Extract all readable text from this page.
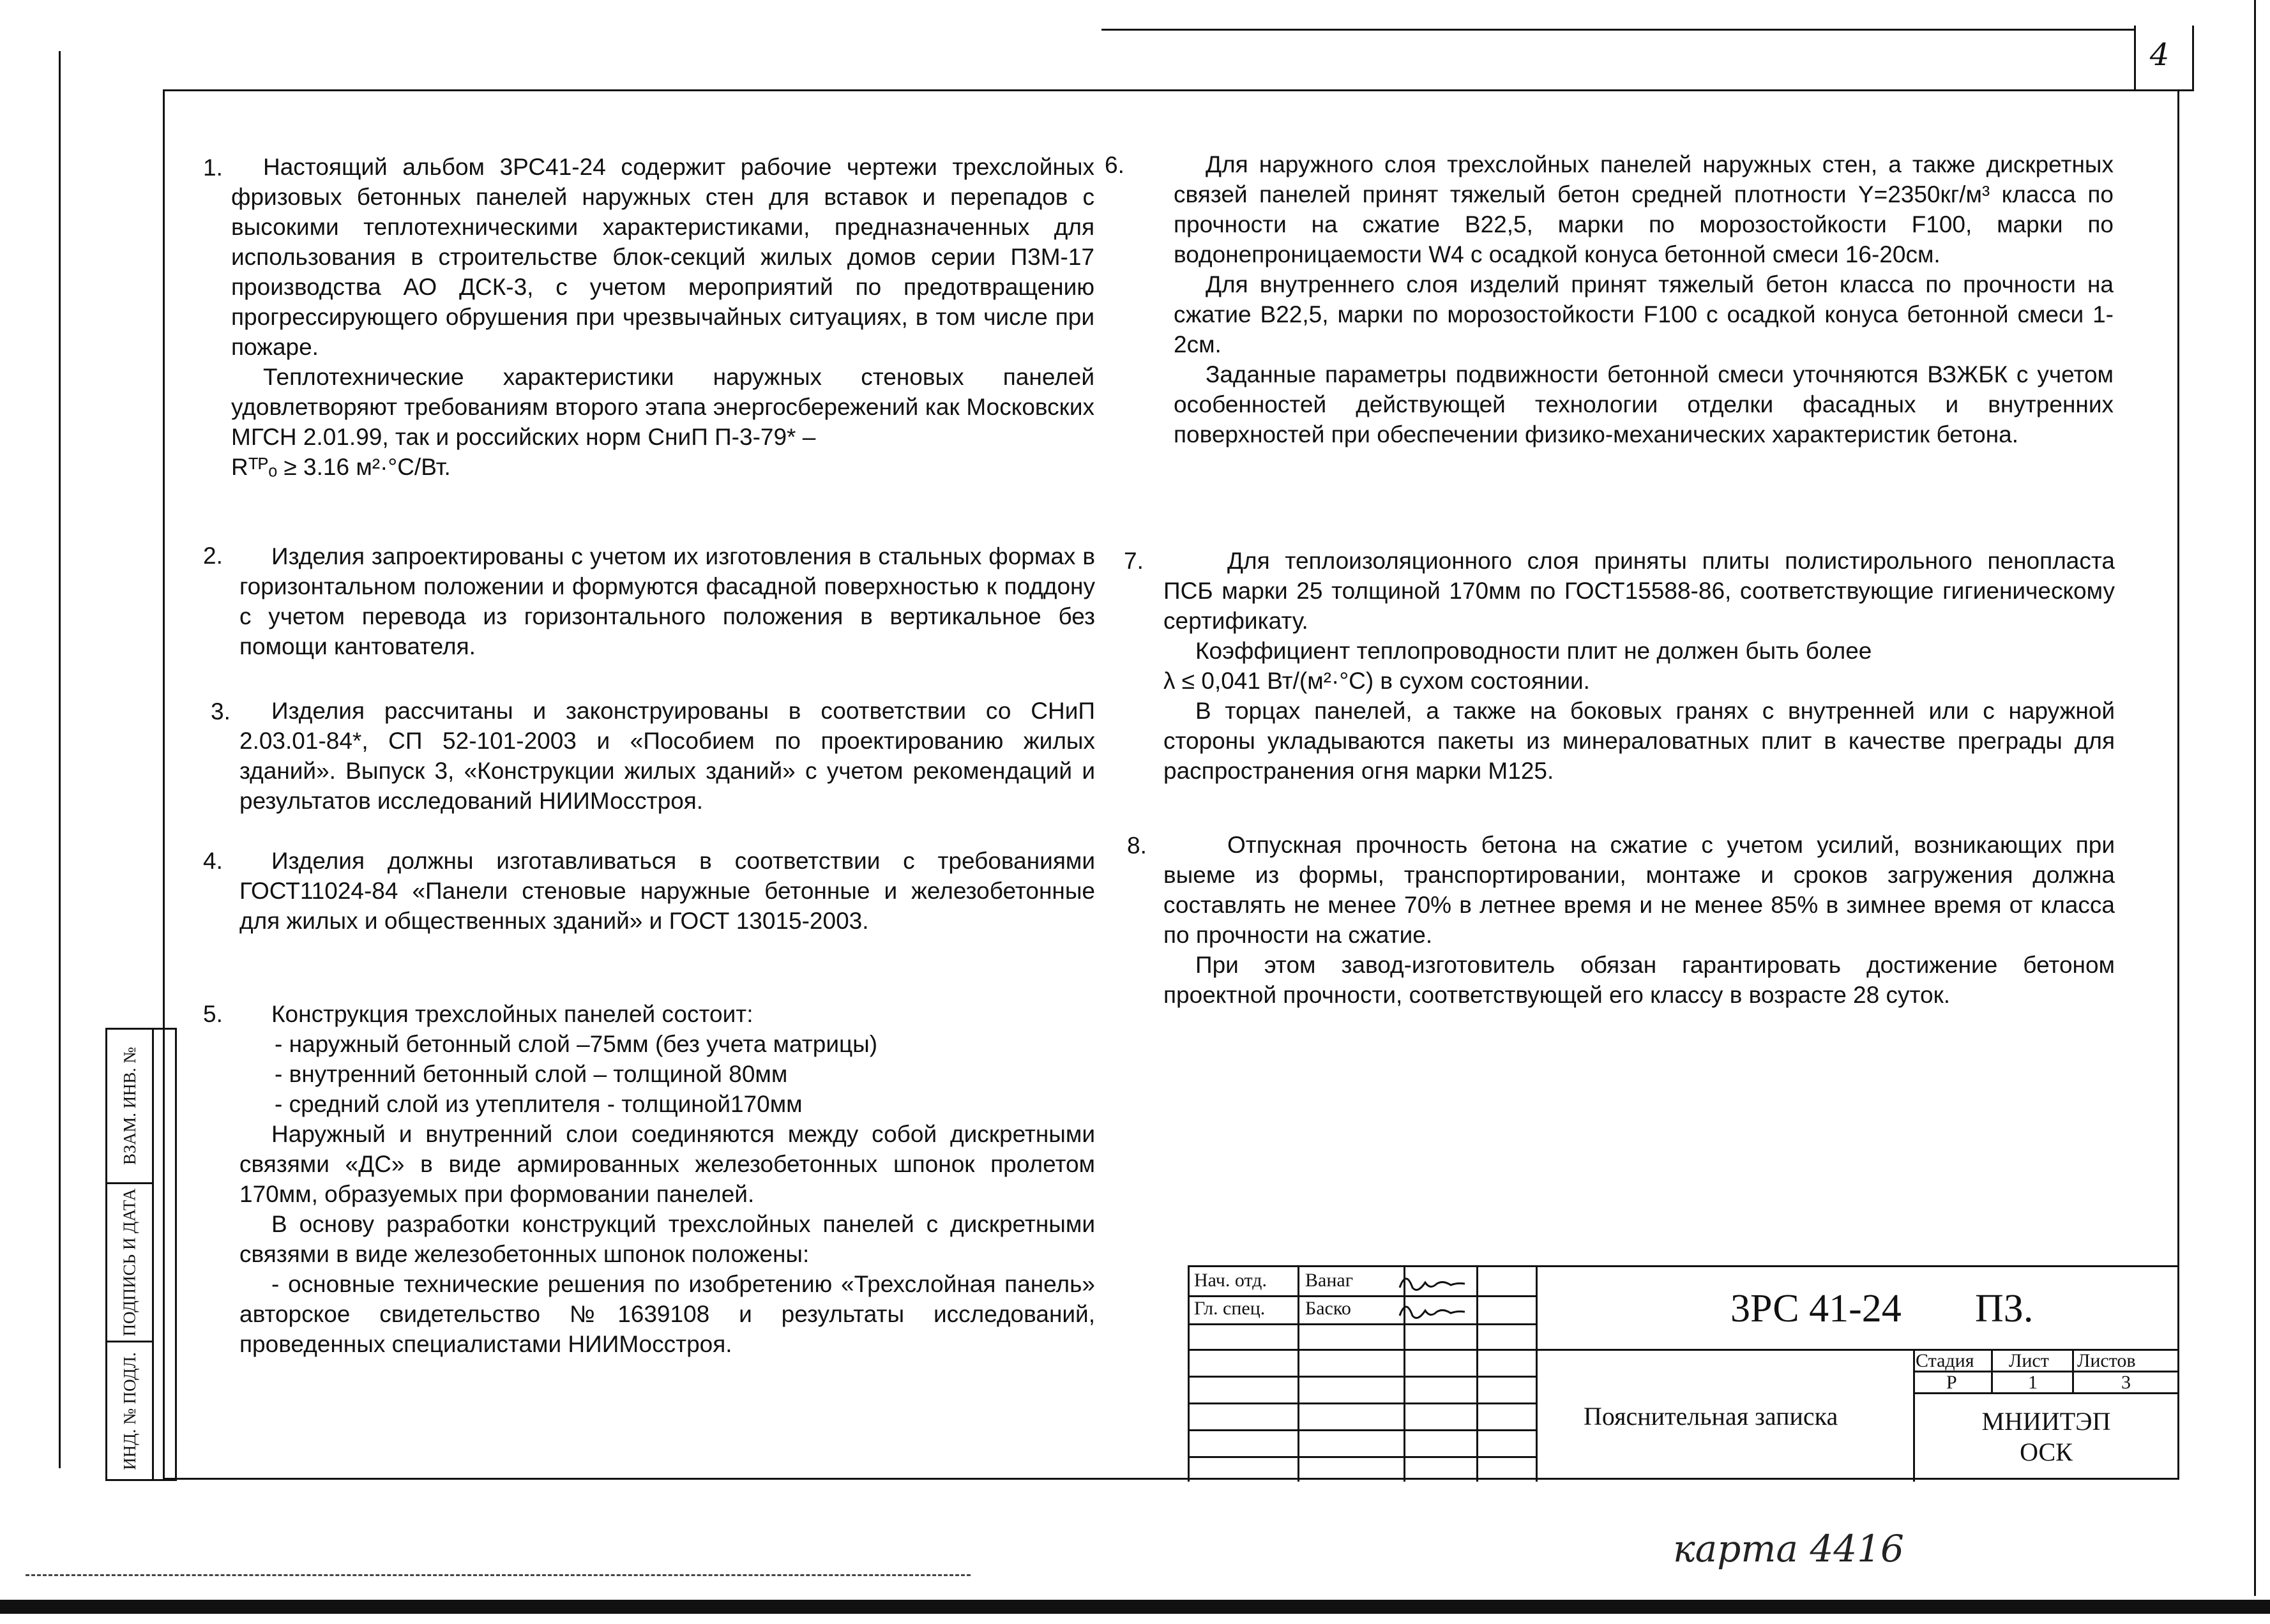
4
1.	Настоящий альбом 3РС41-24 содержит рабочие чертежи трехслойных фризовых бетонных панелей наружных стен для вставок и перепадов с высокими теплотехническими характеристиками, предназначенных для использования в строительстве блок-секций жилых домов серии П3М-17 производства АО ДСК-3, с учетом мероприятий по предотвращению прогрессирующего обрушения при чрезвычайных ситуациях, в том числе при пожаре.

Теплотехнические характеристики наружных стеновых панелей удовлетворяют требованиям второго этапа энергосбережений как Московских МГСН 2.01.99, так и российских норм СниП П-3-79* –

Rᵀᴾₒ ≥ 3.16 м²·°С/Вт.

2.	Изделия запроектированы с учетом их изготовления в стальных формах в горизонтальном положении и формуются фасадной поверхностью к поддону с учетом перевода из горизонтального положения в вертикальное без помощи кантователя.

3.	Изделия рассчитаны и законструированы в соответствии со СНиП 2.03.01-84*, СП 52-101-2003 и «Пособием по проектированию жилых зданий». Выпуск 3, «Конструкции жилых зданий» с учетом рекомендаций и результатов исследований НИИМосстроя.

4.	Изделия должны изготавливаться в соответствии с требованиями ГОСТ11024-84 «Панели стеновые наружные бетонные и железобетонные для жилых и общественных зданий» и ГОСТ 13015-2003.

5.	Конструкция трехслойных панелей состоит:

- наружный бетонный слой –75мм (без учета матрицы)

- внутренний бетонный слой – толщиной 80мм

- средний слой из утеплителя - толщиной170мм

Наружный и внутренний слои соединяются между собой дискретными связями «ДС» в виде армированных железобетонных шпонок пролетом 170мм, образуемых при формовании панелей.

В основу разработки конструкций трехслойных панелей с дискретными связями в виде железобетонных шпонок положены:

- основные технические решения по изобретению «Трехслойная панель» авторское свидетельство №1639108 и результаты исследований, проведенных специалистами НИИМосстроя.

6.	Для наружного слоя трехслойных панелей наружных стен, а также дискретных связей панелей принят тяжелый бетон средней плотности Y=2350кг/м³ класса по прочности на сжатие В22,5, марки по морозостойкости F100, марки по водонепроницаемости W4 с осадкой конуса бетонной смеси 16-20см.

Для внутреннего слоя изделий принят тяжелый бетон класса по прочности на сжатие В22,5, марки по морозостойкости F100 с осадкой конуса бетонной смеси 1-2см.

Заданные параметры подвижности бетонной смеси уточняются ВЗЖБК с учетом особенностей действующей технологии отделки фасадных и внутренних поверхностей при обеспечении физико-механических характеристик бетона.

7.	Для теплоизоляционного слоя приняты плиты полистирольного пенопласта ПСБ марки 25 толщиной 170мм по ГОСТ15588-86, соответствующие гигиеническому сертификату.

Коэффициент теплопроводности плит не должен быть более

λ ≤ 0,041 Вт/(м²·°С) в сухом состоянии.

В торцах панелей, а также на боковых гранях с внутренней или с наружной стороны укладываются пакеты из минераловатных плит в качестве преграды для распространения огня марки М125.

8.	Отпускная прочность бетона на сжатие с учетом усилий, возникающих при выеме из формы, транспортировании, монтаже и сроков загружения должна составлять не менее 70% в летнее время и не менее 85% в зимнее время от класса по прочности на сжатие.

При этом завод-изготовитель обязан гарантировать достижение бетоном проектной прочности, соответствующей его классу в возрасте 28 суток.

ВЗАМ. ИНВ. №
ПОДПИСЬ И ДАТА
ИНД. № ПОДЛ.
Нач. отд. Ванаг
Гл. спец. Баско	3РС 41-24 ПЗ.
Пояснительная записка
Стадия Лист Листов
Р	1	3
МНИИТЭП
ОСК
карта 4416
